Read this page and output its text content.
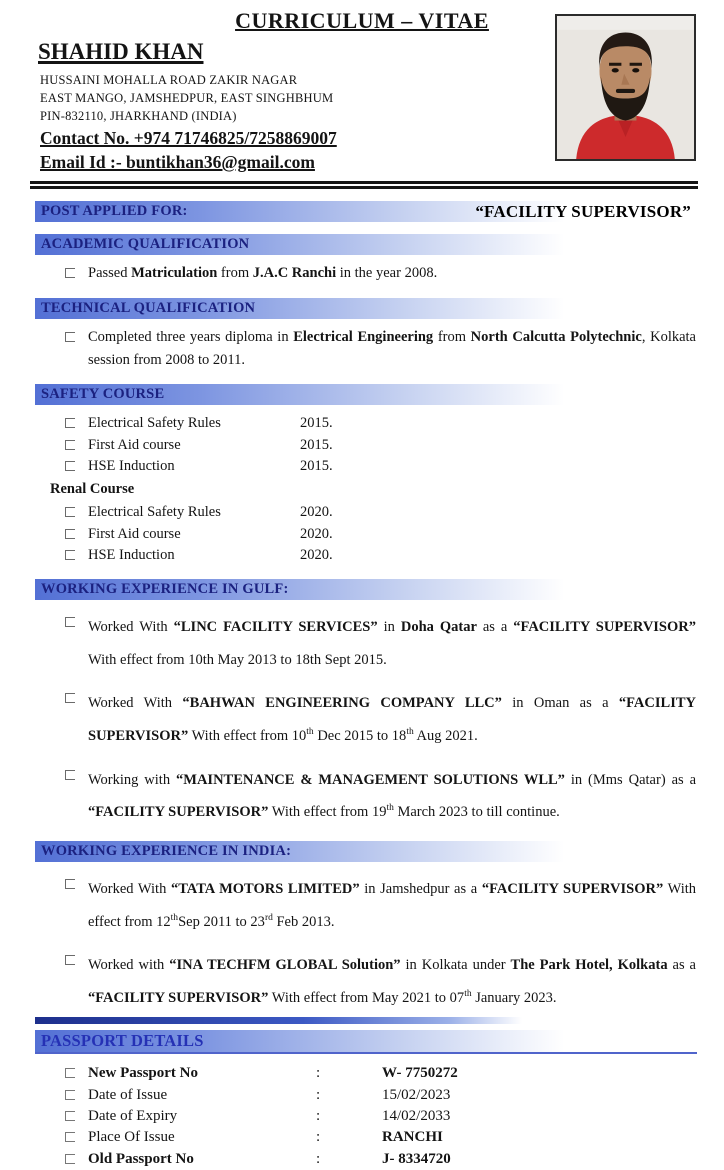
CURRICULUM – VITAE
SHAHID KHAN
HUSSAINI MOHALLA ROAD ZAKIR NAGAR
EAST MANGO, JAMSHEDPUR, EAST SINGHBHUM
PIN-832110, JHARKHAND (INDIA)
Contact No. +974 71746825/7258869007
Email Id :- buntikhan36@gmail.com
POST APPLIED FOR:	“FACILITY SUPERVISOR”
ACADEMIC QUALIFICATION

Passed Matriculation from J.A.C Ranchi in the year 2008.

TECHNICAL QUALIFICATION

Completed three years diploma in Electrical Engineering from North Calcutta Polytechnic, Kolkata session from 2008 to 2011.

SAFETY COURSE
Electrical Safety Rules	2015.
First Aid course	2015.
HSE Induction	2015.
Renal Course
Electrical Safety Rules	2020.
First Aid course	2020.
HSE Induction	2020.
WORKING EXPERIENCE IN GULF:

Worked With “LINC FACILITY SERVICES” in Doha Qatar as a “FACILITY SUPERVISOR” With effect from 10th May 2013 to 18th Sept 2015.

Worked With “BAHWAN ENGINEERING COMPANY LLC” in Oman as a “FACILITY SUPERVISOR” With effect from 10th Dec 2015 to 18th Aug 2021.

Working with “MAINTENANCE & MANAGEMENT SOLUTIONS WLL” in (Mms Qatar) as a “FACILITY SUPERVISOR” With effect from 19th March 2023 to till continue.

WORKING EXPERIENCE IN INDIA:

Worked With “TATA MOTORS LIMITED” in Jamshedpur as a “FACILITY SUPERVISOR” With effect from 12thSep 2011 to 23rd Feb 2013.

Worked with “INA TECHFM GLOBAL Solution” in Kolkata under The Park Hotel, Kolkata as a “FACILITY SUPERVISOR” With effect from May 2021 to 07th January 2023.

PASSPORT DETAILS
New Passport No	:	W- 7750272
Date of Issue	:	15/02/2023
Date of Expiry	:	14/02/2033
Place Of Issue	:	RANCHI
Old Passport No	:	J- 8334720
